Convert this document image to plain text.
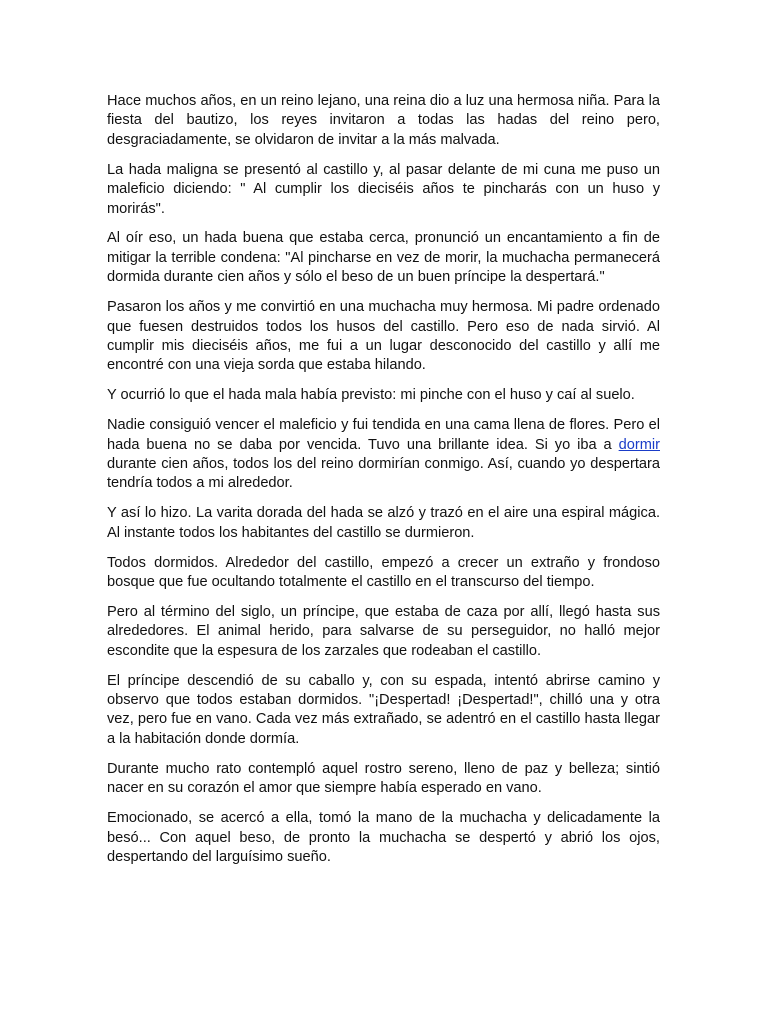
Hace muchos años, en un reino lejano, una reina dio a luz una hermosa niña. Para la fiesta del bautizo, los reyes invitaron a todas las hadas del reino pero, desgraciadamente, se olvidaron de invitar a la más malvada.

La hada maligna se presentó al castillo y, al pasar delante de mi cuna me puso un maleficio diciendo: " Al cumplir los dieciséis años te pincharás con un huso y morirás".

Al oír eso, un hada buena que estaba cerca, pronunció un encantamiento a fin de mitigar la terrible condena: "Al pincharse en vez de morir, la muchacha permanecerá dormida durante cien años y sólo el beso de un buen príncipe la despertará."

Pasaron los años y me convirtió en una muchacha muy hermosa. Mi padre ordenado que fuesen destruidos todos los husos del castillo. Pero eso de nada sirvió. Al cumplir mis dieciséis años, me fui a un lugar desconocido del castillo y allí me encontré con una vieja sorda que estaba hilando.

Y ocurrió lo que el hada mala había previsto: mi pinche con el huso y caí al suelo.

Nadie consiguió vencer el maleficio y fui tendida en una cama llena de flores. Pero el hada buena no se daba por vencida. Tuvo una brillante idea. Si yo iba a dormir durante cien años, todos los del reino dormirían conmigo. Así, cuando yo despertara tendría todos a mi alrededor.

Y así lo hizo. La varita dorada del hada se alzó y trazó en el aire una espiral mágica. Al instante todos los habitantes del castillo se durmieron.

Todos dormidos. Alrededor del castillo, empezó a crecer un extraño y frondoso bosque que fue ocultando totalmente el castillo en el transcurso del tiempo.

Pero al término del siglo, un príncipe, que estaba de caza por allí, llegó hasta sus alrededores. El animal herido, para salvarse de su perseguidor, no halló mejor escondite que la espesura de los zarzales que rodeaban el castillo.

El príncipe descendió de su caballo y, con su espada, intentó abrirse camino y observo que todos estaban dormidos. "¡Despertad! ¡Despertad!", chilló una y otra vez, pero fue en vano. Cada vez más extrañado, se adentró en el castillo hasta llegar a la habitación donde dormía.

Durante mucho rato contempló aquel rostro sereno, lleno de paz y belleza; sintió nacer en su corazón el amor que siempre había esperado en vano.

Emocionado, se acercó a ella, tomó la mano de la muchacha y delicadamente la besó... Con aquel beso, de pronto la muchacha se despertó y abrió los ojos, despertando del larguísimo sueño.
